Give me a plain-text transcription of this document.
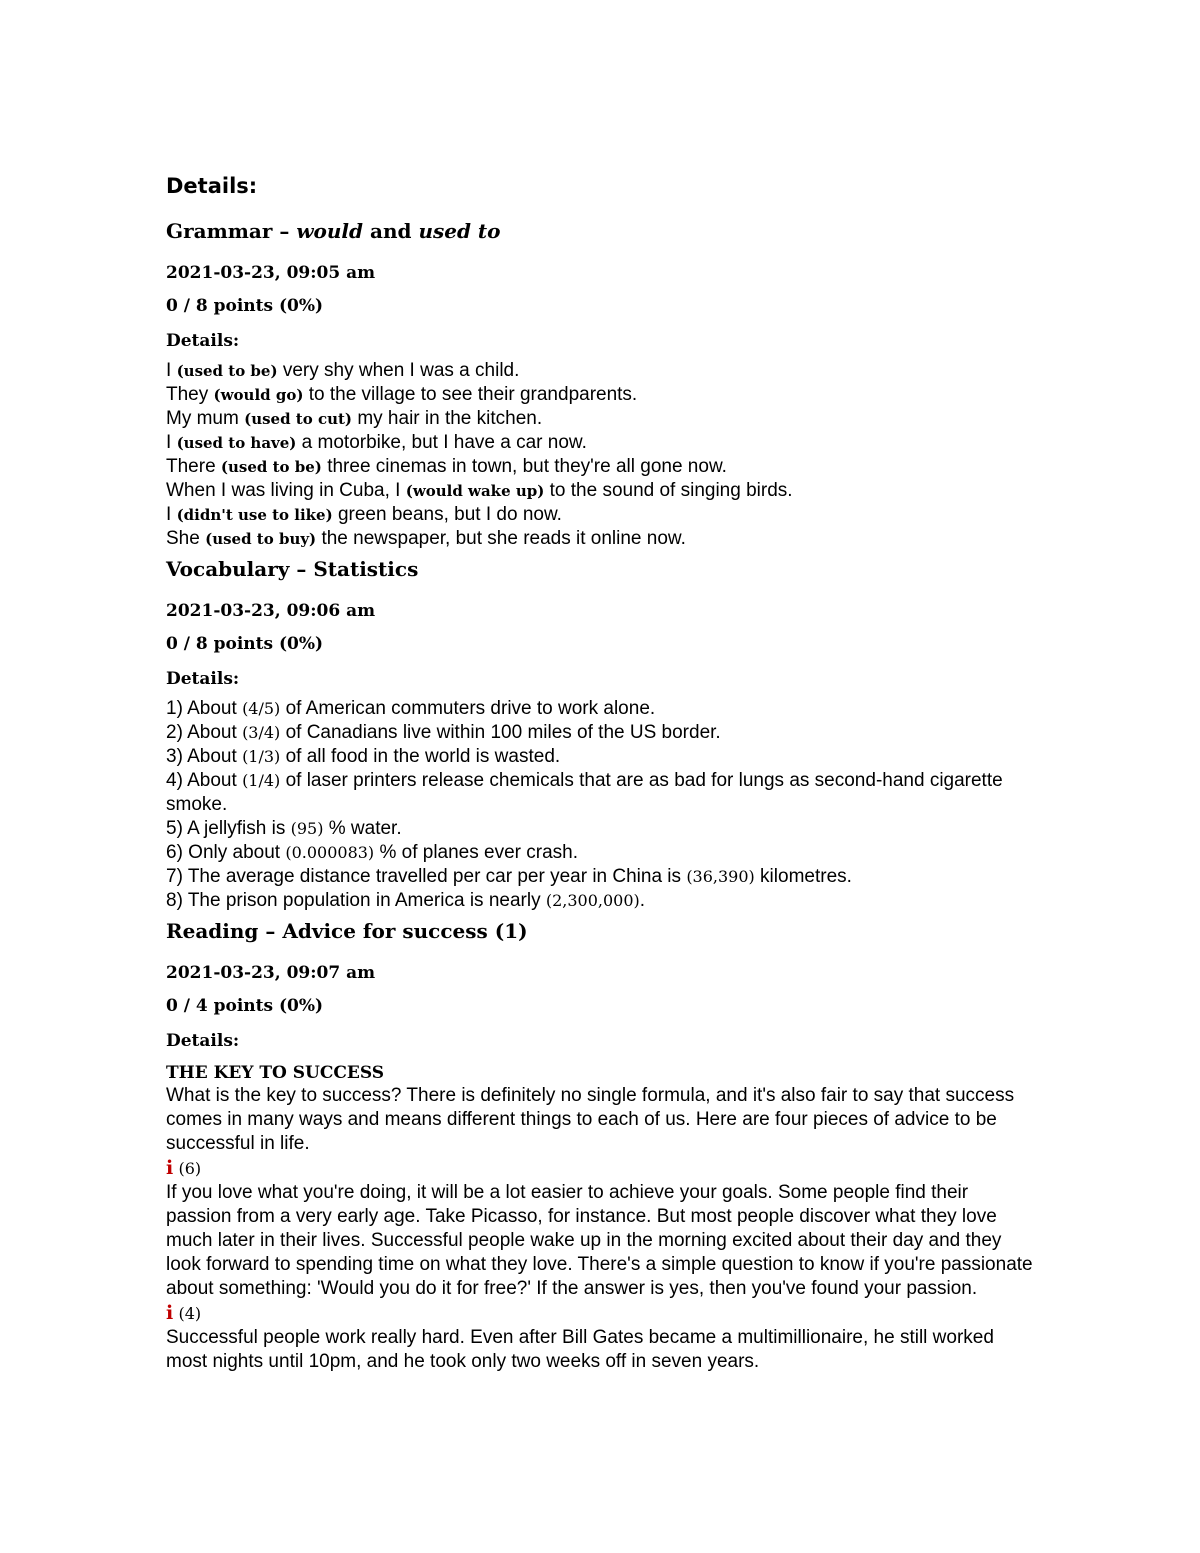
Details:
Grammar – would and used to

2021-03-23, 09:05 am

0 / 8 points (0%)

Details:

I (used to be) very shy when I was a child.

They (would go) to the village to see their grandparents.

My mum (used to cut) my hair in the kitchen.

I (used to have) a motorbike, but I have a car now.

There (used to be) three cinemas in town, but they're all gone now.

When I was living in Cuba, I (would wake up) to the sound of singing birds.

I (didn't use to like) green beans, but I do now.

She (used to buy) the newspaper, but she reads it online now.

Vocabulary – Statistics

2021-03-23, 09:06 am

0 / 8 points (0%)

Details:

1) About (4/5) of American commuters drive to work alone.

2) About (3/4) of Canadians live within 100 miles of the US border.

3) About (1/3) of all food in the world is wasted.

4) About (1/4) of laser printers release chemicals that are as bad for lungs as second-hand cigarette smoke.

5) A jellyfish is (95) % water.

6) Only about (0.000083) % of planes ever crash.

7) The average distance travelled per car per year in China is (36,390) kilometres.

8) The prison population in America is nearly (2,300,000).

Reading – Advice for success (1)

2021-03-23, 09:07 am

0 / 4 points (0%)

Details:

THE KEY TO SUCCESS

What is the key to success? There is definitely no single formula, and it's also fair to say that success comes in many ways and means different things to each of us. Here are four pieces of advice to be successful in life.

i (6)

If you love what you're doing, it will be a lot easier to achieve your goals. Some people find their passion from a very early age. Take Picasso, for instance. But most people discover what they love much later in their lives. Successful people wake up in the morning excited about their day and they look forward to spending time on what they love. There's a simple question to know if you're passionate about something: 'Would you do it for free?' If the answer is yes, then you've found your passion.

i (4)

Successful people work really hard. Even after Bill Gates became a multimillionaire, he still worked most nights until 10pm, and he took only two weeks off in seven years.
